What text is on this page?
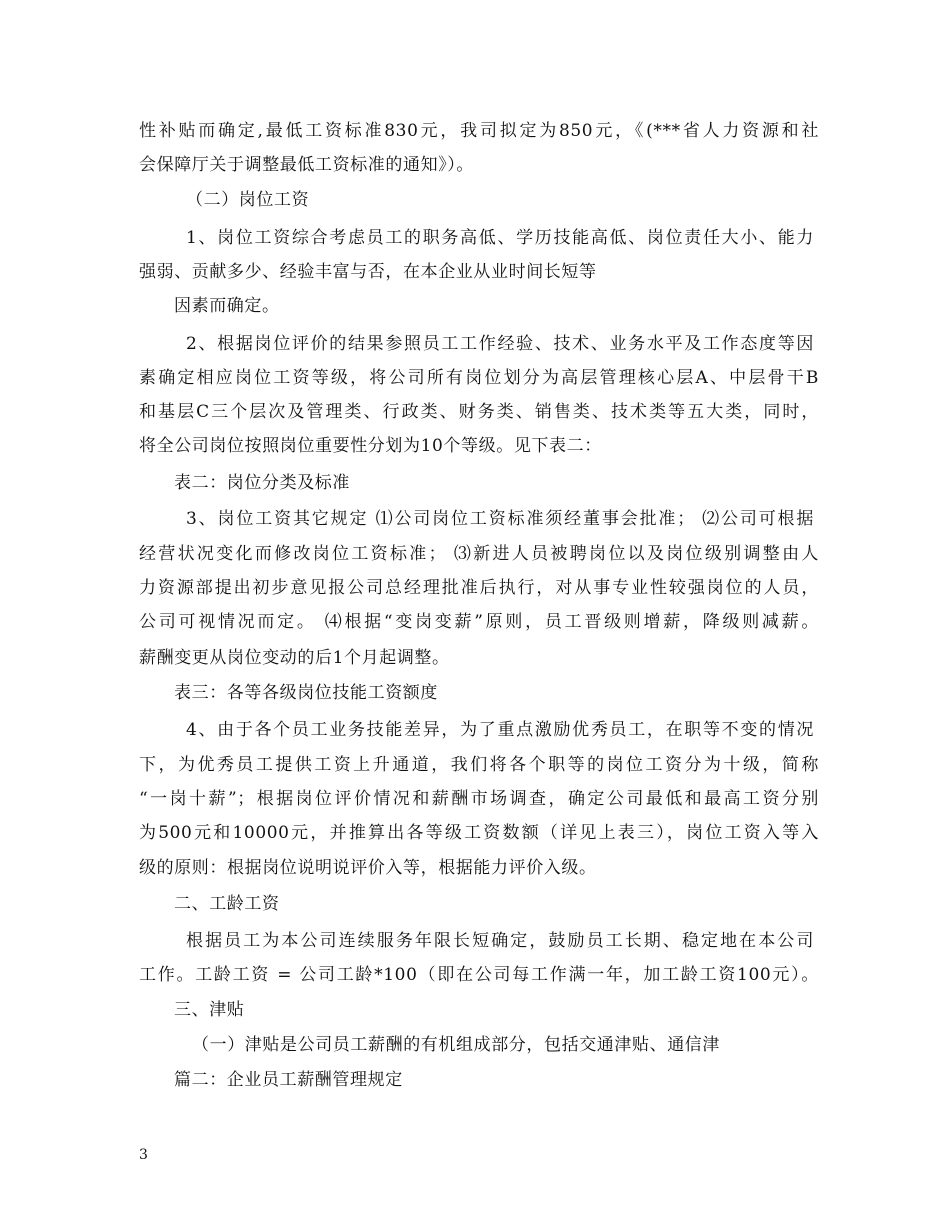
性补贴而确定,最低工资标准830元，我司拟定为850元，《(***省人力资源和社
会保障厅关于调整最低工资标准的通知》）。
（二）岗位工资
1、岗位工资综合考虑员工的职务高低、学历技能高低、岗位责任大小、能力
强弱、贡献多少、经验丰富与否，在本企业从业时间长短等
因素而确定。
2、根据岗位评价的结果参照员工工作经验、技术、业务水平及工作态度等因
素确定相应岗位工资等级，将公司所有岗位划分为高层管理核心层A、中层骨干B
和基层C三个层次及管理类、行政类、财务类、销售类、技术类等五大类，同时，
将全公司岗位按照岗位重要性分划为10个等级。见下表二：
表二：岗位分类及标准
3、岗位工资其它规定 ⑴公司岗位工资标准须经董事会批准； ⑵公司可根据
经营状况变化而修改岗位工资标准； ⑶新进人员被聘岗位以及岗位级别调整由人
力资源部提出初步意见报公司总经理批准后执行，对从事专业性较强岗位的人员，
公司可视情况而定。 ⑷根据“变岗变薪”原则，员工晋级则增薪，降级则减薪。
薪酬变更从岗位变动的后1个月起调整。
表三：各等各级岗位技能工资额度
4、由于各个员工业务技能差异，为了重点激励优秀员工，在职等不变的情况
下，为优秀员工提供工资上升通道，我们将各个职等的岗位工资分为十级，简称
“一岗十薪”；根据岗位评价情况和薪酬市场调查，确定公司最低和最高工资分别
为500元和10000元，并推算出各等级工资数额（详见上表三），岗位工资入等入
级的原则：根据岗位说明说评价入等，根据能力评价入级。
二、工龄工资
根据员工为本公司连续服务年限长短确定，鼓励员工长期、稳定地在本公司
工作。工龄工资 = 公司工龄*100（即在公司每工作满一年，加工龄工资100元）。
三、津贴
（一）津贴是公司员工薪酬的有机组成部分，包括交通津贴、通信津
篇二：企业员工薪酬管理规定
3
